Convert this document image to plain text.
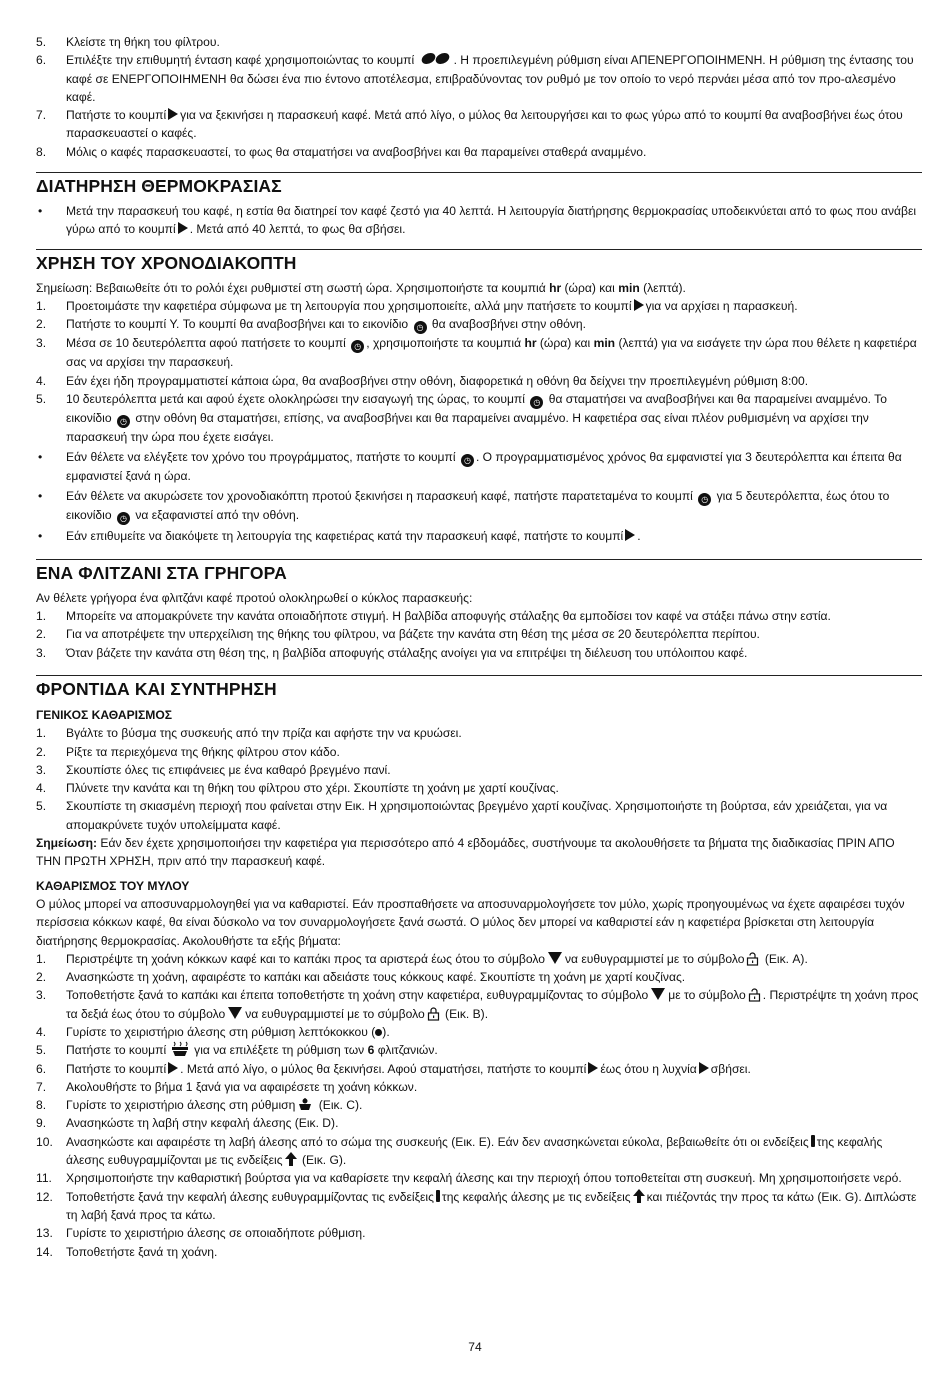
5. Κλείστε τη θήκη του φίλτρου.
6. Επιλέξτε την επιθυμητή ένταση καφέ χρησιμοποιώντας το κουμπί	. Η προεπιλεγμένη ρύθμιση είναι ΑΠΕΝΕΡΓΟΠΟΙΗΜΕΝΗ. Η ρύθμιση της έντασης του καφέ σε ΕΝΕΡΓΟΠΟΙΗΜΕΝΗ θα δώσει ένα πιο έντονο αποτέλεσμα, επιβραδύνοντας τον ρυθμό με τον οποίο το νερό περνάει μέσα από τον προ-αλεσμένο καφέ.
7. Πατήστε το κουμπί για να ξεκινήσει η παρασκευή καφέ. Μετά από λίγο, ο μύλος θα λειτουργήσει και το φως γύρω από το κουμπί θα αναβοσβήνει έως ότου παρασκευαστεί ο καφές.
8. Μόλις ο καφές παρασκευαστεί, το φως θα σταματήσει να αναβοσβήνει και θα παραμείνει σταθερά αναμμένο.
ΔΙΑΤΗΡΗΣΗ ΘΕΡΜΟΚΡΑΣΙΑΣ
• Μετά την παρασκευή του καφέ, η εστία θα διατηρεί τον καφέ ζεστό για 40 λεπτά. Η λειτουργία διατήρησης θερμοκρασίας υποδεικνύεται από το φως που ανάβει γύρω από το κουμπί . Μετά από 40 λεπτά, το φως θα σβήσει.
ΧΡΗΣΗ ΤΟΥ ΧΡΟΝΟΔΙΑΚΟΠΤΗ
Σημείωση: Βεβαιωθείτε ότι το ρολόι έχει ρυθμιστεί στη σωστή ώρα. Χρησιμοποιήστε τα κουμπιά hr (ώρα) και min (λεπτά).
1. Προετοιμάστε την καφετιέρα σύμφωνα με τη λειτουργία που χρησιμοποιείτε, αλλά μην πατήσετε το κουμπί για να αρχίσει η παρασκευή.
2. Πατήστε το κουμπί Y. Το κουμπί θα αναβοσβήνει και το εικονίδιο ◷ θα αναβοσβήνει στην οθόνη.
3. Μέσα σε 10 δευτερόλεπτα αφού πατήσετε το κουμπί ◷ , χρησιμοποιήστε τα κουμπιά hr (ώρα) και min (λεπτά) για να εισάγετε την ώρα που θέλετε η καφετιέρα σας να αρχίσει την παρασκευή.
4. Εάν έχει ήδη προγραμματιστεί κάποια ώρα, θα αναβοσβήνει στην οθόνη, διαφορετικά η οθόνη θα δείχνει την προεπιλεγμένη ρύθμιση 8:00.
5. 10 δευτερόλεπτα μετά και αφού έχετε ολοκληρώσει την εισαγωγή της ώρας, το κουμπί ◷ θα σταματήσει να αναβοσβήνει και θα παραμείνει αναμμένο. Το εικονίδιο ◷ στην οθόνη θα σταματήσει, επίσης, να αναβοσβήνει και θα παραμείνει αναμμένο. Η καφετιέρα σας είναι πλέον ρυθμισμένη να αρχίσει την παρασκευή την ώρα που έχετε εισάγει.
• Εάν θέλετε να ελέγξετε τον χρόνο του προγράμματος, πατήστε το κουμπί ◷ . Ο προγραμματισμένος χρόνος θα εμφανιστεί για 3 δευτερόλεπτα και έπειτα θα εμφανιστεί ξανά η ώρα.
• Εάν θέλετε να ακυρώσετε τον χρονοδιακόπτη προτού ξεκινήσει η παρασκευή καφέ, πατήστε παρατεταμένα το κουμπί ◷ για 5 δευτερόλεπτα, έως ότου το εικονίδιο ◷ να εξαφανιστεί από την οθόνη.
• Εάν επιθυμείτε να διακόψετε τη λειτουργία της καφετιέρας κατά την παρασκευή καφέ, πατήστε το κουμπί .
ΕΝΑ ΦΛΙΤΖΑΝΙ ΣΤΑ ΓΡΗΓΟΡΑ
Αν θέλετε γρήγορα ένα φλιτζάνι καφέ προτού ολοκληρωθεί ο κύκλος παρασκευής:
1. Μπορείτε να απομακρύνετε την κανάτα οποιαδήποτε στιγμή. Η βαλβίδα αποφυγής στάλαξης θα εμποδίσει τον καφέ να στάξει πάνω στην εστία.
2. Για να αποτρέψετε την υπερχείλιση της θήκης του φίλτρου, να βάζετε την κανάτα στη θέση της μέσα σε 20 δευτερόλεπτα περίπου.
3. Όταν βάζετε την κανάτα στη θέση της, η βαλβίδα αποφυγής στάλαξης ανοίγει για να επιτρέψει τη διέλευση του υπόλοιπου καφέ.
ΦΡΟΝΤΙΔΑ ΚΑΙ ΣΥΝΤΗΡΗΣΗ
ΓΕΝΙΚΟΣ ΚΑΘΑΡΙΣΜΟΣ
1. Βγάλτε το βύσμα της συσκευής από την πρίζα και αφήστε την να κρυώσει.
2. Ρίξτε τα περιεχόμενα της θήκης φίλτρου στον κάδο.
3. Σκουπίστε όλες τις επιφάνειες με ένα καθαρό βρεγμένο πανί.
4. Πλύνετε την κανάτα και τη θήκη του φίλτρου στο χέρι. Σκουπίστε τη χοάνη με χαρτί κουζίνας.
5. Σκουπίστε τη σκιασμένη περιοχή που φαίνεται στην Εικ. Η χρησιμοποιώντας βρεγμένο χαρτί κουζίνας. Χρησιμοποιήστε τη βούρτσα, εάν χρειάζεται, για να απομακρύνετε τυχόν υπολείμματα καφέ.
Σημείωση: Εάν δεν έχετε χρησιμοποιήσει την καφετιέρα για περισσότερο από 4 εβδομάδες, συστήνουμε τα ακολουθήσετε τα βήματα της διαδικασίας ΠΡΙΝ ΑΠΟ ΤΗΝ ΠΡΩΤΗ ΧΡΗΣΗ, πριν από την παρασκευή καφέ.
ΚΑΘΑΡΙΣΜΟΣ ΤΟΥ ΜΥΛΟΥ
Ο μύλος μπορεί να αποσυναρμολογηθεί για να καθαριστεί. Εάν προσπαθήσετε να αποσυναρμολογήσετε τον μύλο, χωρίς προηγουμένως να έχετε αφαιρέσει τυχόν περίσσεια κόκκων καφέ, θα είναι δύσκολο να τον συναρμολογήσετε ξανά σωστά. Ο μύλος δεν μπορεί να καθαριστεί εάν η καφετιέρα βρίσκεται στη λειτουργία διατήρησης θερμοκρασίας. Ακολουθήστε τα εξής βήματα:
1. Περιστρέψτε τη χοάνη κόκκων καφέ και το καπάκι προς τα αριστερά έως ότου το σύμβολο να ευθυγραμμιστεί με το σύμβολο (Εικ. A).
2. Ανασηκώστε τη χοάνη, αφαιρέστε το καπάκι και αδειάστε τους κόκκους καφέ. Σκουπίστε τη χοάνη με χαρτί κουζίνας.
3. Τοποθετήστε ξανά το καπάκι και έπειτα τοποθετήστε τη χοάνη στην καφετιέρα, ευθυγραμμίζοντας το σύμβολο με το σύμβολο . Περιστρέψτε τη χοάνη προς τα δεξιά έως ότου το σύμβολο να ευθυγραμμιστεί με το σύμβολο (Εικ. B).
4. Γυρίστε το χειριστήριο άλεσης στη ρύθμιση λεπτόκοκκου ( ).
5. Πατήστε το κουμπί για να επιλέξετε τη ρύθμιση των 6 φλιτζανιών.
6. Πατήστε το κουμπί . Μετά από λίγο, ο μύλος θα ξεκινήσει. Αφού σταματήσει, πατήστε το κουμπί έως ότου η λυχνία σβήσει.
7. Ακολουθήστε το βήμα 1 ξανά για να αφαιρέσετε τη χοάνη κόκκων.
8. Γυρίστε το χειριστήριο άλεσης στη ρύθμιση (Εικ. C).
9. Ανασηκώστε τη λαβή στην κεφαλή άλεσης (Εικ. D).
10. Ανασηκώστε και αφαιρέστε τη λαβή άλεσης από το σώμα της συσκευής (Εικ. E). Εάν δεν ανασηκώνεται εύκολα, βεβαιωθείτε ότι οι ενδείξεις της κεφαλής άλεσης ευθυγραμμίζονται με τις ενδείξεις (Εικ. G).
11. Χρησιμοποιήστε την καθαριστική βούρτσα για να καθαρίσετε την κεφαλή άλεσης και την περιοχή όπου τοποθετείται στη συσκευή. Μη χρησιμοποιήσετε νερό.
12. Τοποθετήστε ξανά την κεφαλή άλεσης ευθυγραμμίζοντας τις ενδείξεις της κεφαλής άλεσης με τις ενδείξεις και πιέζοντάς την προς τα κάτω (Εικ. G). Διπλώστε τη λαβή ξανά προς τα κάτω.
13. Γυρίστε το χειριστήριο άλεσης σε οποιαδήποτε ρύθμιση.
14. Τοποθετήστε ξανά τη χοάνη.
74
